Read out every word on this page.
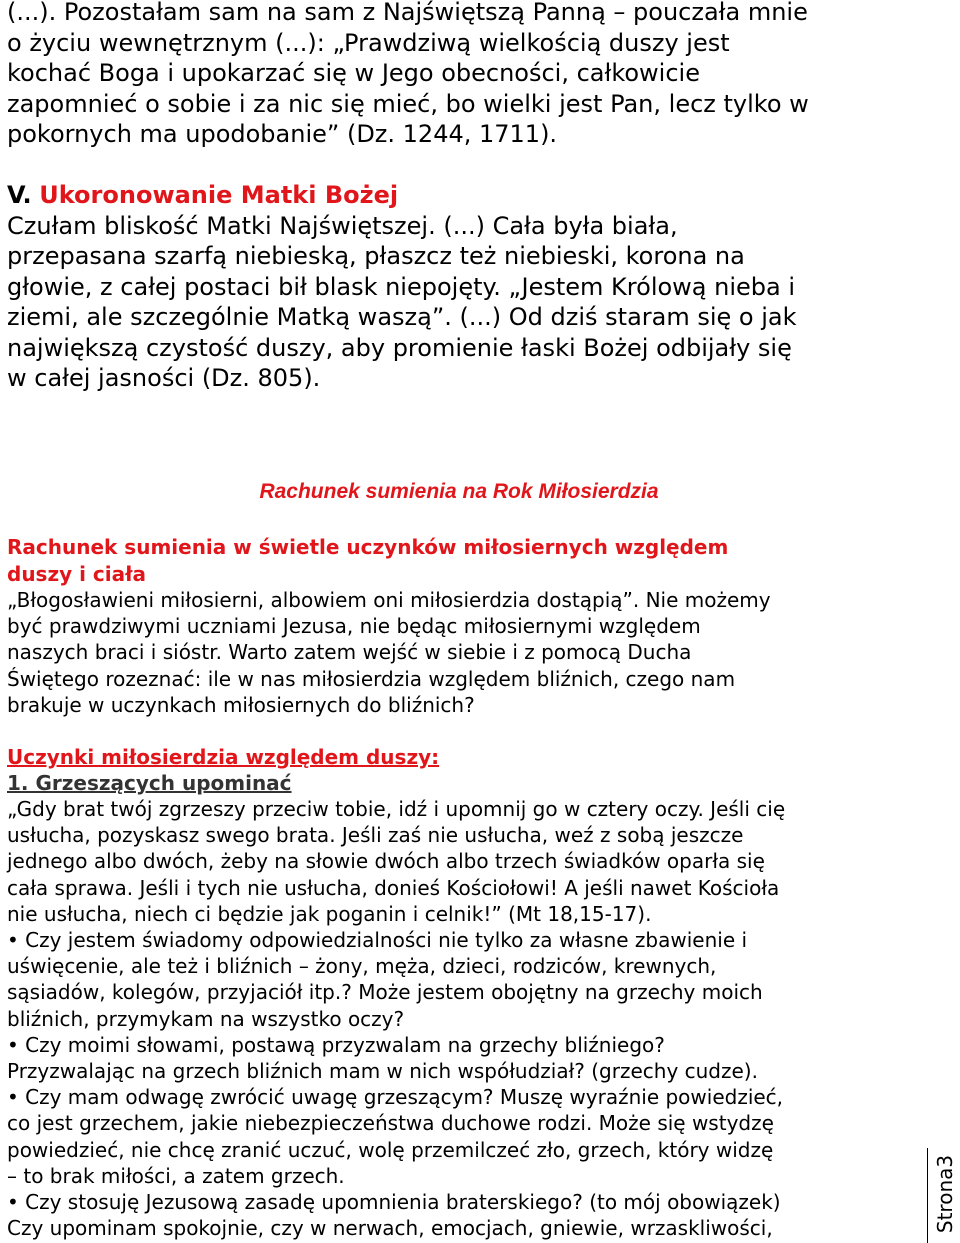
(...). Pozostałam sam na sam z Najświętszą Panną – pouczała mnie
o życiu wewnętrznym (...): „Prawdziwą wielkością duszy jest
kochać Boga i upokarzać się w Jego obecności, całkowicie
zapomnieć o sobie i za nic się mieć, bo wielki jest Pan, lecz tylko w
pokornych ma upodobanie” (Dz. 1244, 1711).
V. Ukoronowanie Matki Bożej
Czułam bliskość Matki Najświętszej. (...) Cała była biała,
przepasana szarfą niebieską, płaszcz też niebieski, korona na
głowie, z całej postaci bił blask niepojęty. „Jestem Królową nieba i
ziemi, ale szczególnie Matką waszą”. (...) Od dziś staram się o jak
największą czystość duszy, aby promienie łaski Bożej odbijały się
w całej jasności (Dz. 805).
Rachunek sumienia na Rok Miłosierdzia
Rachunek sumienia w świetle uczynków miłosiernych względem
duszy i ciała
„Błogosławieni miłosierni, albowiem oni miłosierdzia dostąpią”. Nie możemy
być prawdziwymi uczniami Jezusa, nie będąc miłosiernymi względem
naszych braci i sióstr. Warto zatem wejść w siebie i z pomocą Ducha
Świętego rozeznać: ile w nas miłosierdzia względem bliźnich, czego nam
brakuje w uczynkach miłosiernych do bliźnich?
Uczynki miłosierdzia względem duszy:
1. Grzeszących upominać
„Gdy brat twój zgrzeszy przeciw tobie, idź i upomnij go w cztery oczy. Jeśli cię
usłucha, pozyskasz swego brata. Jeśli zaś nie usłucha, weź z sobą jeszcze
jednego albo dwóch, żeby na słowie dwóch albo trzech świadków oparła się
cała sprawa. Jeśli i tych nie usłucha, donieś Kościołowi! A jeśli nawet Kościoła
nie usłucha, niech ci będzie jak poganin i celnik!” (Mt 18,15-17).
• Czy jestem świadomy odpowiedzialności nie tylko za własne zbawienie i
uświęcenie, ale też i bliźnich – żony, męża, dzieci, rodziców, krewnych,
sąsiadów, kolegów, przyjaciół itp.? Może jestem obojętny na grzechy moich
bliźnich, przymykam na wszystko oczy?
• Czy moimi słowami, postawą przyzwalam na grzechy bliźniego?
Przyzwalając na grzech bliźnich mam w nich współudział? (grzechy cudze).
• Czy mam odwagę zwrócić uwagę grzeszącym? Muszę wyraźnie powiedzieć,
co jest grzechem, jakie niebezpieczeństwa duchowe rodzi. Może się wstydzę
powiedzieć, nie chcę zranić uczuć, wolę przemilczeć zło, grzech, który widzę
– to brak miłości, a zatem grzech.
• Czy stosuję Jezusową zasadę upomnienia braterskiego? (to mój obowiązek)
Czy upominam spokojnie, czy w nerwach, emocjach, gniewie, wrzaskliwości,	Strona3
